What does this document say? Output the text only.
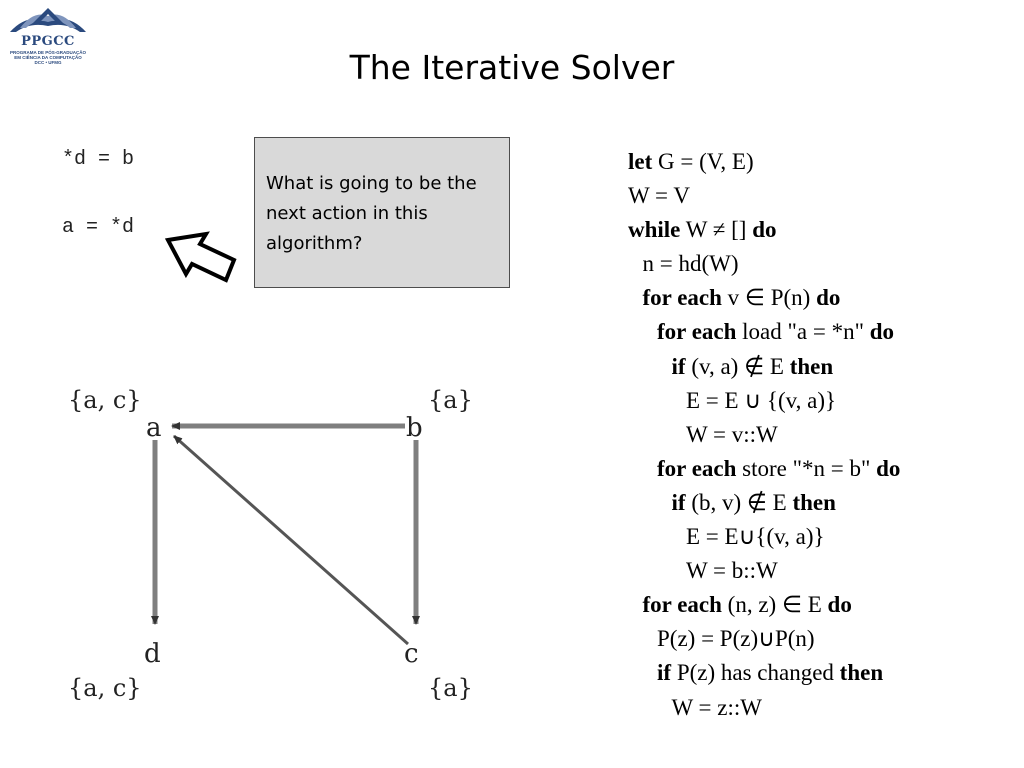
PPGCC
PROGRAMA DE PÓS-GRADUAÇÃO
EM CIÊNCIA DA COMPUTAÇÃO
DCC • UFMG	The Iterative Solver
*d = b
a = *d
What is going to be the next action in this algorithm?
a	b
d	c
{a, c}	{a}
{a, c}	{a}
let G = (V, E)
W = V
while W ≠ [] do
n = hd(W)
for each v ∈ P(n) do
for each load "a = *n" do
if (v, a) ∉ E then
E = E ∪ {(v, a)}
W = v::W
for each store "*n = b" do
if (b, v) ∉ E then
E = E∪{(v, a)}
W = b::W
for each (n, z) ∈ E do
P(z) = P(z)∪P(n)
if P(z) has changed then
W = z::W
